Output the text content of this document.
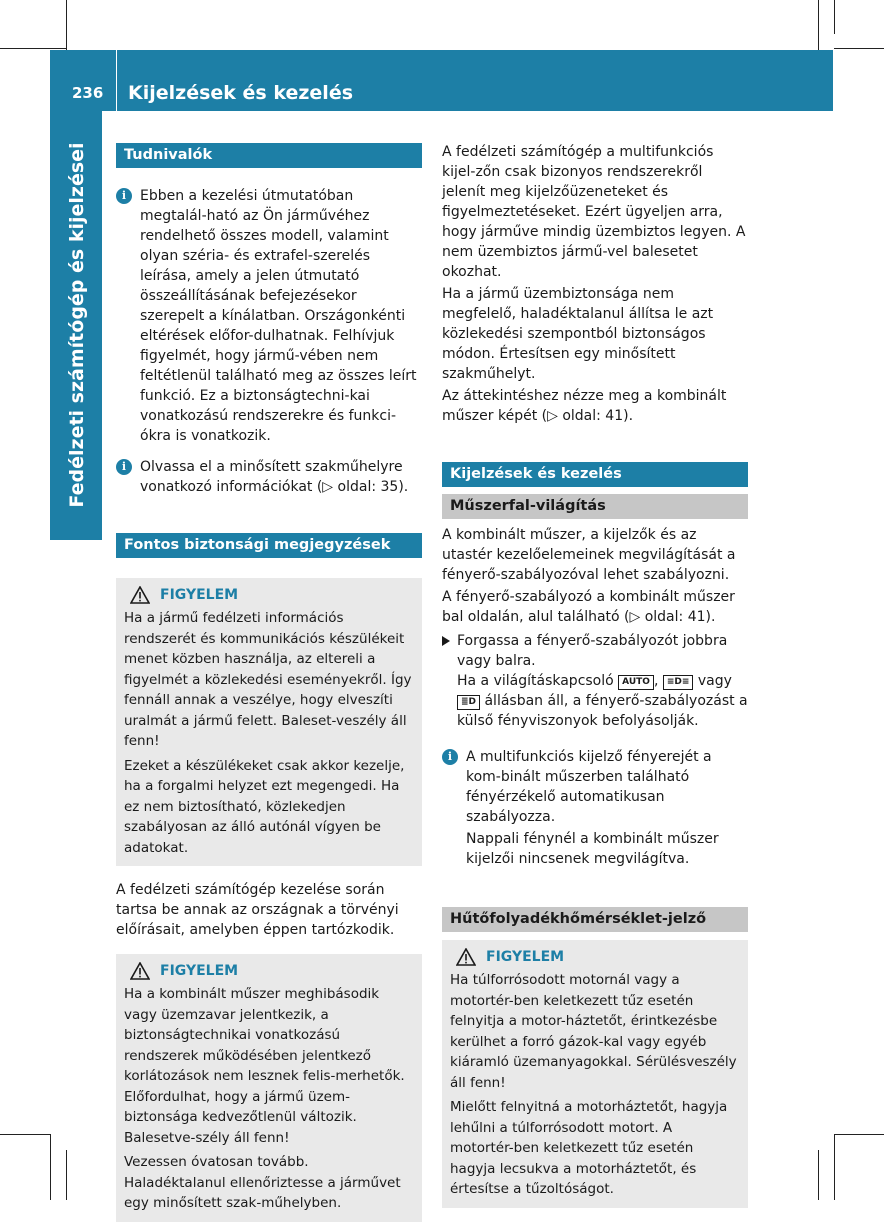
236	Kijelzések és kezelés
Fedélzeti számítógép és kijelzései	Tudnivalók
i Ebben a kezelési útmutatóban megtalál-ható az Ön járművéhez rendelhető összes modell, valamint olyan széria- és extrafel-szerelés leírása, amely a jelen útmutató összeállításának befejezésekor szerepelt a kínálatban. Országonkénti eltérések előfor-dulhatnak. Felhívjuk figyelmét, hogy jármű-vében nem feltétlenül található meg az összes leírt funkció. Ez a biztonságtechni-kai vonatkozású rendszerekre és funkci-ókra is vonatkozik.

i Olvassa el a minősített szakműhelyre vonatkozó információkat (▷ oldal: 35).

Fontos biztonsági megjegyzések
FIGYELEM

Ha a jármű fedélzeti információs rendszerét és kommunikációs készülékeit menet közben használja, az eltereli a figyelmét a közlekedési eseményekről. Így fennáll annak a veszélye, hogy elveszíti uralmát a jármű felett. Baleset-veszély áll fenn!

Ezeket a készülékeket csak akkor kezelje, ha a forgalmi helyzet ezt megengedi. Ha ez nem biztosítható, közlekedjen szabályosan az álló autónál vígyen be adatokat.

A fedélzeti számítógép kezelése során tartsa be annak az országnak a törvényi előírásait, amelyben éppen tartózkodik.

FIGYELEM

Ha a kombinált műszer meghibásodik vagy üzemzavar jelentkezik, a biztonságtechnikai vonatkozású rendszerek működésében jelentkező korlátozások nem lesznek felis-merhetők. Előfordulhat, hogy a jármű üzem-biztonsága kedvezőtlenül változik. Balesetve-szély áll fenn!

Vezessen óvatosan tovább. Haladéktalanul ellenőriztesse a járművet egy minősített szak-műhelyben.

A fedélzeti számítógép a multifunkciós kijel-zőn csak bizonyos rendszerekről jelenít meg kijelzőüzeneteket és figyelmeztetéseket. Ezért ügyeljen arra, hogy járműve mindig üzembiztos legyen. A nem üzembiztos jármű-vel balesetet okozhat.

Ha a jármű üzembiztonsága nem megfelelő, haladéktalanul állítsa le azt közlekedési szempontból biztonságos módon. Értesítsen egy minősített szakműhelyt.

Az áttekintéshez nézze meg a kombinált műszer képét (▷ oldal: 41).

Kijelzések és kezelés
Műszerfal-világítás

A kombinált műszer, a kijelzők és az utastér kezelőelemeinek megvilágítását a fényerő-szabályozóval lehet szabályozni.

A fényerő-szabályozó a kombinált műszer bal oldalán, alul található (▷ oldal: 41).

Forgassa a fényerő-szabályozót jobbra vagy balra.

Ha a világításkapcsoló AUTO , ≡D≡ vagy ≣D állásban áll, a fényerő-szabályozást a külső fényviszonyok befolyásolják.

i A multifunkciós kijelző fényerejét a kom-binált műszerben található fényérzékelő automatikusan szabályozza.

Nappali fénynél a kombinált műszer kijelzői nincsenek megvilágítva.

Hűtőfolyadékhőmérséklet-jelző
FIGYELEM

Ha túlforrósodott motornál vagy a motortér-ben keletkezett tűz esetén felnyitja a motor-háztetőt, érintkezésbe kerülhet a forró gázok-kal vagy egyéb kiáramló üzemanyagokkal. Sérülésveszély áll fenn!

Mielőtt felnyitná a motorháztetőt, hagyja lehűlni a túlforrósodott motort. A motortér-ben keletkezett tűz esetén hagyja lecsukva a motorháztetőt, és értesítse a tűzoltóságot.
